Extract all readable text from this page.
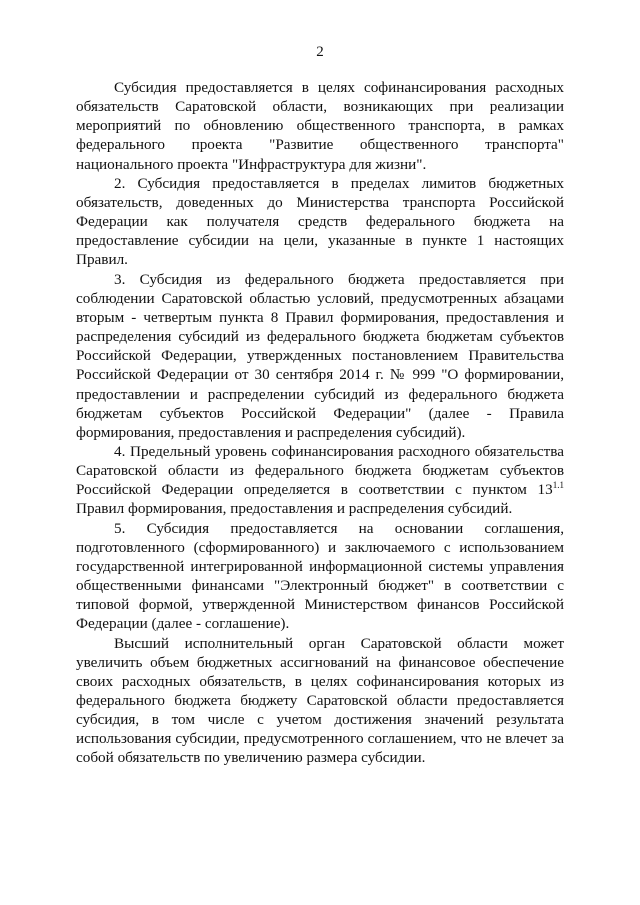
2

Субсидия предоставляется в целях софинансирования расходных обязательств Саратовской области, возникающих при реализации мероприятий по обновлению общественного транспорта, в рамках федерального проекта "Развитие общественного транспорта" национального проекта "Инфраструктура для жизни".

2. Субсидия предоставляется в пределах лимитов бюджетных обязательств, доведенных до Министерства транспорта Российской Федерации как получателя средств федерального бюджета на предоставление субсидии на цели, указанные в пункте 1 настоящих Правил.

3. Субсидия из федерального бюджета предоставляется при соблюдении Саратовской областью условий, предусмотренных абзацами вторым - четвертым пункта 8 Правил формирования, предоставления и распределения субсидий из федерального бюджета бюджетам субъектов Российской Федерации, утвержденных постановлением Правительства Российской Федерации от 30 сентября 2014 г. № 999 "О формировании, предоставлении и распределении субсидий из федерального бюджета бюджетам субъектов Российской Федерации" (далее - Правила формирования, предоставления и распределения субсидий).

4. Предельный уровень софинансирования расходного обязательства Саратовской области из федерального бюджета бюджетам субъектов Российской Федерации определяется в соответствии с пунктом $13^{1.1}$ Правил формирования, предоставления и распределения субсидий.

5. Субсидия предоставляется на основании соглашения, подготовленного (сформированного) и заключаемого с использованием государственной интегрированной информационной системы управления общественными финансами "Электронный бюджет" в соответствии с типовой формой, утвержденной Министерством финансов Российской Федерации (далее - соглашение).

Высший исполнительный орган Саратовской области может увеличить объем бюджетных ассигнований на финансовое обеспечение своих расходных обязательств, в целях софинансирования которых из федерального бюджета бюджету Саратовской области предоставляется субсидия, в том числе с учетом достижения значений результата использования субсидии, предусмотренного соглашением, что не влечет за собой обязательств по увеличению размера субсидии.
